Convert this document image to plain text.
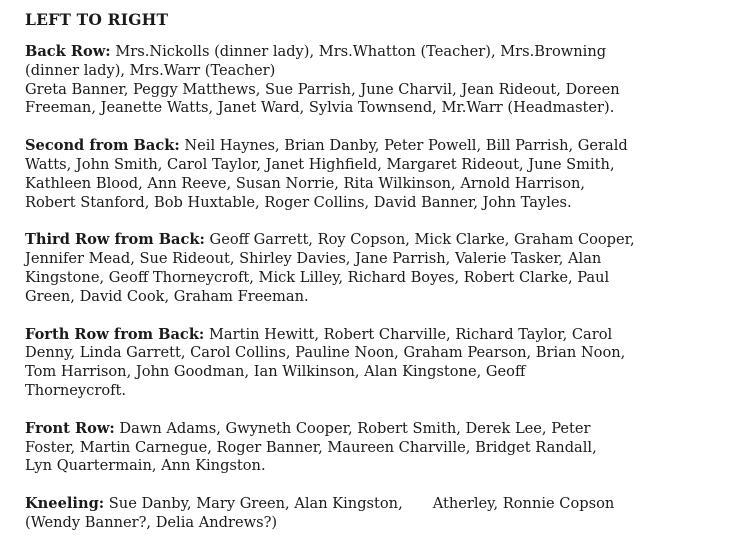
LEFT TO RIGHT
Back Row: Mrs.Nickolls (dinner lady), Mrs.Whatton (Teacher), Mrs.Browning
(dinner lady), Mrs.Warr (Teacher)
Greta Banner, Peggy Matthews, Sue Parrish, June Charvil, Jean Rideout, Doreen
Freeman, Jeanette Watts, Janet Ward, Sylvia Townsend, Mr.Warr (Headmaster).
Second from Back: Neil Haynes, Brian Danby, Peter Powell, Bill Parrish, Gerald
Watts, John Smith, Carol Taylor, Janet Highfield, Margaret Rideout, June Smith,
Kathleen Blood, Ann Reeve, Susan Norrie, Rita Wilkinson, Arnold Harrison,
Robert Stanford, Bob Huxtable, Roger Collins, David Banner, John Tayles.
Third Row from Back: Geoff Garrett, Roy Copson, Mick Clarke, Graham Cooper,
Jennifer Mead, Sue Rideout, Shirley Davies, Jane Parrish, Valerie Tasker, Alan
Kingstone, Geoff Thorneycroft, Mick Lilley, Richard Boyes, Robert Clarke, Paul
Green, David Cook, Graham Freeman.
Forth Row from Back: Martin Hewitt, Robert Charville, Richard Taylor, Carol
Denny, Linda Garrett, Carol Collins, Pauline Noon, Graham Pearson, Brian Noon,
Tom Harrison, John Goodman, Ian Wilkinson, Alan Kingstone, Geoff
Thorneycroft.
Front Row: Dawn Adams, Gwyneth Cooper, Robert Smith, Derek Lee, Peter
Foster, Martin Carnegue, Roger Banner, Maureen Charville, Bridget Randall,
Lyn Quartermain, Ann Kingston.
Kneeling: Sue Danby, Mary Green, Alan Kingston, Atherley, Ronnie Copson
(Wendy Banner?, Delia Andrews?)
